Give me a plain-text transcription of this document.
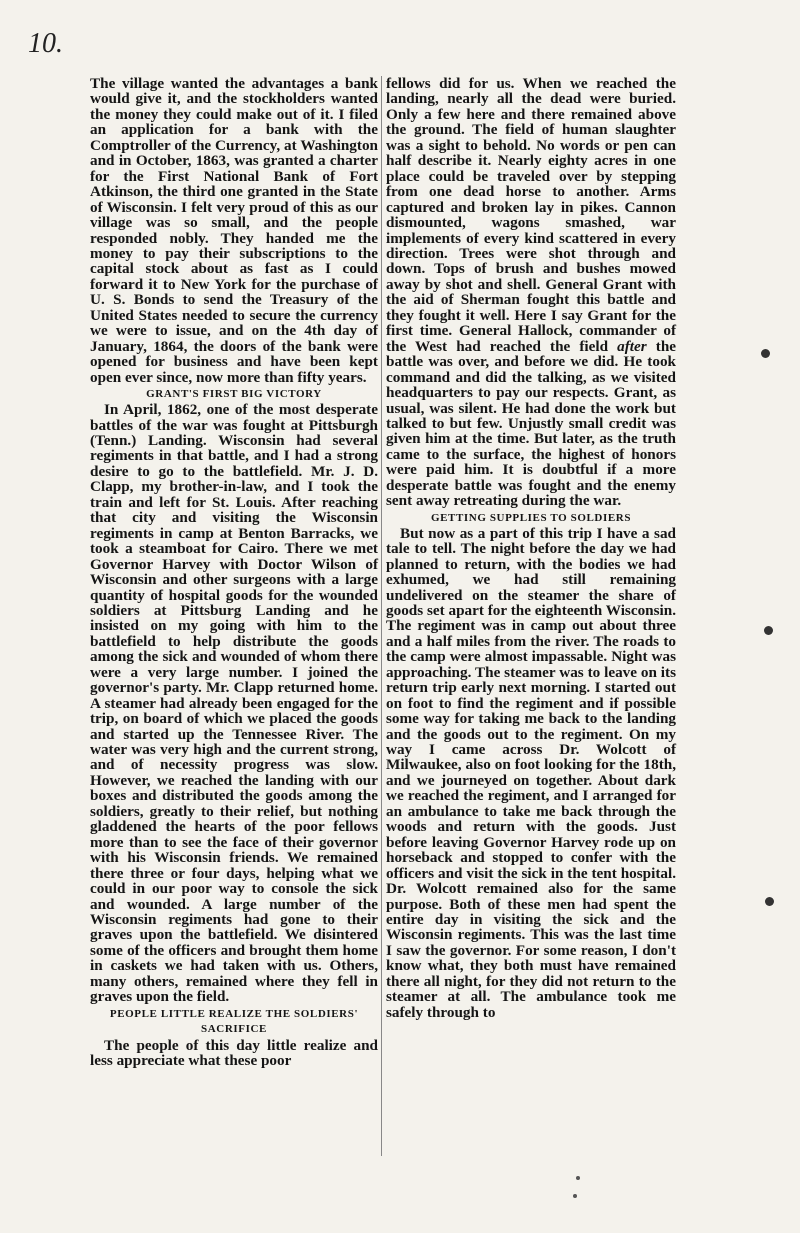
10.

The village wanted the advantages a bank would give it, and the stockholders wanted the money they could make out of it. I filed an application for a bank with the Comptroller of the Currency, at Washington and in October, 1863, was granted a charter for the First National Bank of Fort Atkinson, the third one granted in the State of Wisconsin. I felt very proud of this as our village was so small, and the people responded nobly. They handed me the money to pay their subscriptions to the capital stock about as fast as I could forward it to New York for the purchase of U. S. Bonds to send the Treasury of the United States needed to secure the currency we were to issue, and on the 4th day of January, 1864, the doors of the bank were opened for business and have been kept open ever since, now more than fifty years.

GRANT'S FIRST BIG VICTORY

In April, 1862, one of the most desperate battles of the war was fought at Pittsburgh (Tenn.) Landing. Wisconsin had several regiments in that battle, and I had a strong desire to go to the battlefield. Mr. J. D. Clapp, my brother-in-law, and I took the train and left for St. Louis. After reaching that city and visiting the Wisconsin regiments in camp at Benton Barracks, we took a steamboat for Cairo. There we met Governor Harvey with Doctor Wilson of Wisconsin and other surgeons with a large quantity of hospital goods for the wounded soldiers at Pittsburg Landing and he insisted on my going with him to the battlefield to help distribute the goods among the sick and wounded of whom there were a very large number. I joined the governor's party. Mr. Clapp returned home. A steamer had already been engaged for the trip, on board of which we placed the goods and started up the Tennessee River. The water was very high and the current strong, and of necessity progress was slow. However, we reached the landing with our boxes and distributed the goods among the soldiers, greatly to their relief, but nothing gladdened the hearts of the poor fellows more than to see the face of their governor with his Wisconsin friends. We remained there three or four days, helping what we could in our poor way to console the sick and wounded. A large number of the Wisconsin regiments had gone to their graves upon the battlefield. We disintered some of the officers and brought them home in caskets we had taken with us. Others, many others, remained where they fell in graves upon the field.

PEOPLE LITTLE REALIZE THE SOLDIERS'
SACRIFICE

The people of this day little realize and less appreciate what these poor

fellows did for us. When we reached the landing, nearly all the dead were buried. Only a few here and there remained above the ground. The field of human slaughter was a sight to behold. No words or pen can half describe it. Nearly eighty acres in one place could be traveled over by stepping from one dead horse to another. Arms captured and broken lay in pikes. Cannon dismounted, wagons smashed, war implements of every kind scattered in every direction. Trees were shot through and down. Tops of brush and bushes mowed away by shot and shell. General Grant with the aid of Sherman fought this battle and they fought it well. Here I say Grant for the first time. General Hallock, commander of the West had reached the field after the battle was over, and before we did. He took command and did the talking, as we visited headquarters to pay our respects. Grant, as usual, was silent. He had done the work but talked to but few. Unjustly small credit was given him at the time. But later, as the truth came to the surface, the highest of honors were paid him. It is doubtful if a more desperate battle was fought and the enemy sent away retreating during the war.

GETTING SUPPLIES TO SOLDIERS

But now as a part of this trip I have a sad tale to tell. The night before the day we had planned to return, with the bodies we had exhumed, we had still remaining undelivered on the steamer the share of goods set apart for the eighteenth Wisconsin. The regiment was in camp out about three and a half miles from the river. The roads to the camp were almost impassable. Night was approaching. The steamer was to leave on its return trip early next morning. I started out on foot to find the regiment and if possible some way for taking me back to the landing and the goods out to the regiment. On my way I came across Dr. Wolcott of Milwaukee, also on foot looking for the 18th, and we journeyed on together. About dark we reached the regiment, and I arranged for an ambulance to take me back through the woods and return with the goods. Just before leaving Governor Harvey rode up on horseback and stopped to confer with the officers and visit the sick in the tent hospital. Dr. Wolcott remained also for the same purpose. Both of these men had spent the entire day in visiting the sick and the Wisconsin regiments. This was the last time I saw the governor. For some reason, I don't know what, they both must have remained there all night, for they did not return to the steamer at all. The ambulance took me safely through to
